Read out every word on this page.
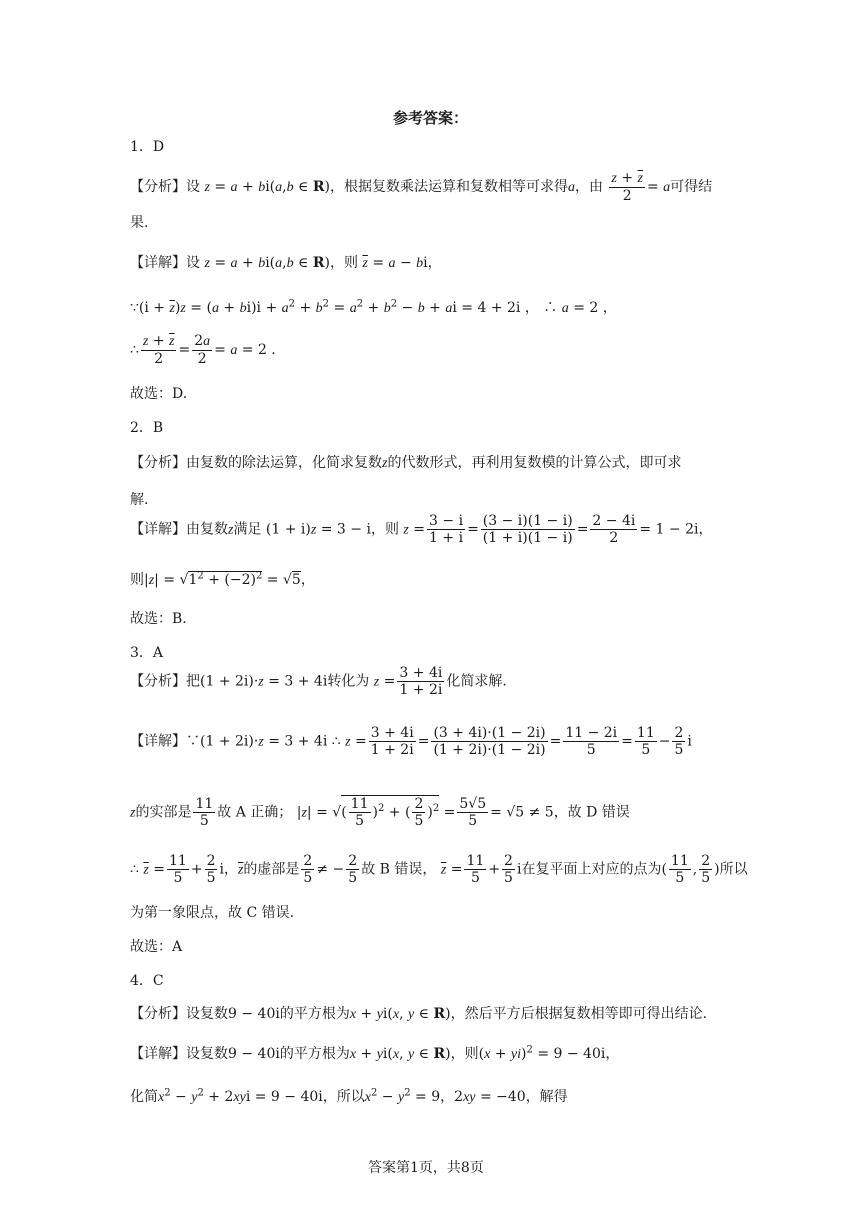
参考答案：
1．D
【分析】设 z = a + bi(a,b ∈ R)，根据复数乘法运算和复数相等可求得a，由 $\frac{z + \overline{z}}{2} = a$可得结
果.
【详解】设 z = a + bi(a,b ∈ R)，则 $\overline{z} = a$ − bi，
∵(i + $\overline{z})z = (a + bi)i + a^2 + b^2 = a^2 + b^2 - b$ + ai = 4 + 2i ， ∴ a = 2 ，
∴ $\frac{z + \overline{z}}{2} = \frac{2a}{2} = a = 2$ .
故选：D.
2．B
【分析】由复数的除法运算，化简求复数z的代数形式，再利用复数模的计算公式，即可求
解.
【详解】由复数z满足 (1 + i)z = 3 − i，则 $z = \frac{3 - i}{1 + i} = \frac{(3 - i)(1 - i)}{(1 + i)(1 - i)} = \frac{2 - 4i}{2} = 1 - 2i$，
则$|z| = √1^2 + (-2)^2 = √5$，
故选：B.
3．A
【分析】把(1 + 2i)·z = 3 + 4i转化为 $z = \frac{3 + 4i}{1 + 2i}$ 化简求解.
【详解】∵(1 + 2i)·z = 3 + 4i ∴ $z = \frac{3 + 4i}{1 + 2i} = \frac{(3 + 4i)\cdot(1 - 2i)}{(1 + 2i)\cdot(1 - 2i)} = \frac{11 - 2i}{5} = \frac{11}{5} - \frac{2}{5}$ i
z的实部是 $\frac{11}{5}$ 故 A 正确； |z| = √( $\frac{11}{5} )^2$ + ( $\frac{2}{5} )^2 = \frac{5√5}{5} = √5 \ne 5$，故 D 错误
∴ $\overline{z} = \frac{11}{5} + \frac{2}{5}$ i，$\overline{z}$的虚部是 $\frac{2}{5}$ ≠ − $\frac{2}{5}$ 故 B 错误， $\overline{z} = \frac{11}{5} + \frac{2}{5}$ i在复平面上对应的点为( $\frac{11}{5}$ , $\frac{2}{5}$ )所以
为第一象限点，故 C 错误.
故选：A
4．C
【分析】设复数9 − 40i的平方根为x + yi(x, y ∈ R)，然后平方后根据复数相等即可得出结论.
【详解】设复数9 − 40i的平方根为x + yi(x, y ∈ R)，则(x + yi)$^2$ = 9 − 40i，
化简$x^2 - y^2 + 2xyi = 9 - 40i$，所以$x^2 - y^2 = 9$，2xy = −40，解得
答案第1页，共8页
